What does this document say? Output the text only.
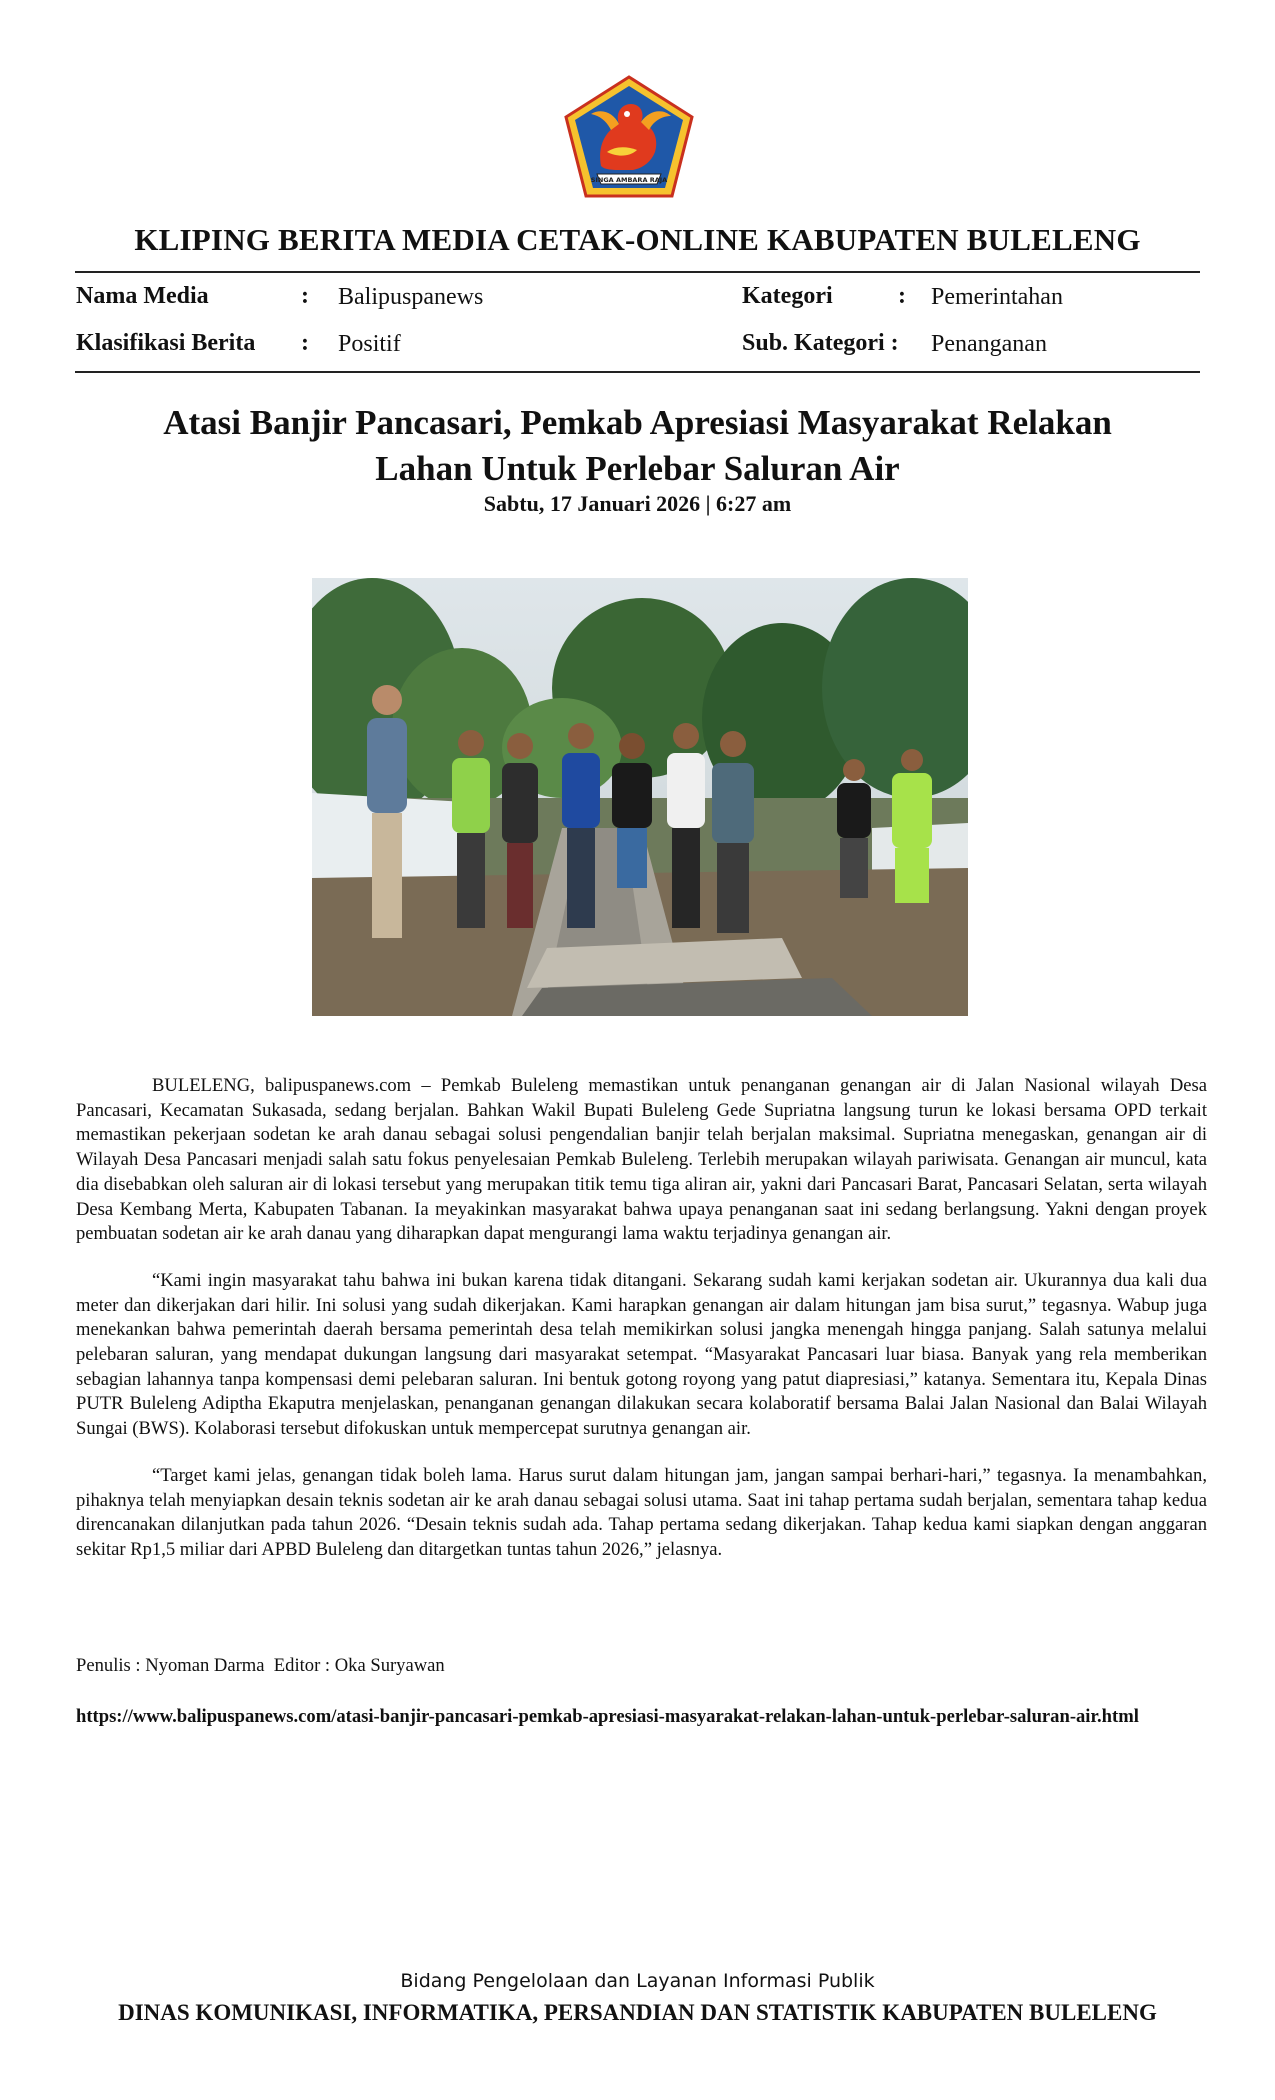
SINGA AMBARA RAJA
KLIPING BERITA MEDIA CETAK-ONLINE KABUPATEN BULELENG
Nama Media	: Balipuspanews
Klasifikasi Berita : Positif
Kategori	: Pemerintahan
Sub. Kategori : Penanganan
Atasi Banjir Pancasari, Pemkab Apresiasi Masyarakat Relakan
Lahan Untuk Perlebar Saluran Air
Sabtu, 17 Januari 2026 | 6:27 am

BULELENG, balipuspanews.com – Pemkab Buleleng memastikan untuk penanganan genangan air di Jalan Nasional wilayah Desa Pancasari, Kecamatan Sukasada, sedang berjalan. Bahkan Wakil Bupati Buleleng Gede Supriatna langsung turun ke lokasi bersama OPD terkait memastikan pekerjaan sodetan ke arah danau sebagai solusi pengendalian banjir telah berjalan maksimal. Supriatna menegaskan, genangan air di Wilayah Desa Pancasari menjadi salah satu fokus penyelesaian Pemkab Buleleng. Terlebih merupakan wilayah pariwisata. Genangan air muncul, kata dia disebabkan oleh saluran air di lokasi tersebut yang merupakan titik temu tiga aliran air, yakni dari Pancasari Barat, Pancasari Selatan, serta wilayah Desa Kembang Merta, Kabupaten Tabanan. Ia meyakinkan masyarakat bahwa upaya penanganan saat ini sedang berlangsung. Yakni dengan proyek pembuatan sodetan air ke arah danau yang diharapkan dapat mengurangi lama waktu terjadinya genangan air.

“Kami ingin masyarakat tahu bahwa ini bukan karena tidak ditangani. Sekarang sudah kami kerjakan sodetan air. Ukurannya dua kali dua meter dan dikerjakan dari hilir. Ini solusi yang sudah dikerjakan. Kami harapkan genangan air dalam hitungan jam bisa surut,” tegasnya. Wabup juga menekankan bahwa pemerintah daerah bersama pemerintah desa telah memikirkan solusi jangka menengah hingga panjang. Salah satunya melalui pelebaran saluran, yang mendapat dukungan langsung dari masyarakat setempat. “Masyarakat Pancasari luar biasa. Banyak yang rela memberikan sebagian lahannya tanpa kompensasi demi pelebaran saluran. Ini bentuk gotong royong yang patut diapresiasi,” katanya. Sementara itu, Kepala Dinas PUTR Buleleng Adiptha Ekaputra menjelaskan, penanganan genangan dilakukan secara kolaboratif bersama Balai Jalan Nasional dan Balai Wilayah Sungai (BWS). Kolaborasi tersebut difokuskan untuk mempercepat surutnya genangan air.

“Target kami jelas, genangan tidak boleh lama. Harus surut dalam hitungan jam, jangan sampai berhari-hari,” tegasnya. Ia menambahkan, pihaknya telah menyiapkan desain teknis sodetan air ke arah danau sebagai solusi utama. Saat ini tahap pertama sudah berjalan, sementara tahap kedua direncanakan dilanjutkan pada tahun 2026. “Desain teknis sudah ada. Tahap pertama sedang dikerjakan. Tahap kedua kami siapkan dengan anggaran sekitar Rp1,5 miliar dari APBD Buleleng dan ditargetkan tuntas tahun 2026,” jelasnya.

Penulis : Nyoman Darma  Editor : Oka Suryawan
https://www.balipuspanews.com/atasi-banjir-pancasari-pemkab-apresiasi-masyarakat-relakan-lahan-untuk-perlebar-saluran-air.html
Bidang Pengelolaan dan Layanan Informasi Publik
DINAS KOMUNIKASI, INFORMATIKA, PERSANDIAN DAN STATISTIK KABUPATEN BULELENG
